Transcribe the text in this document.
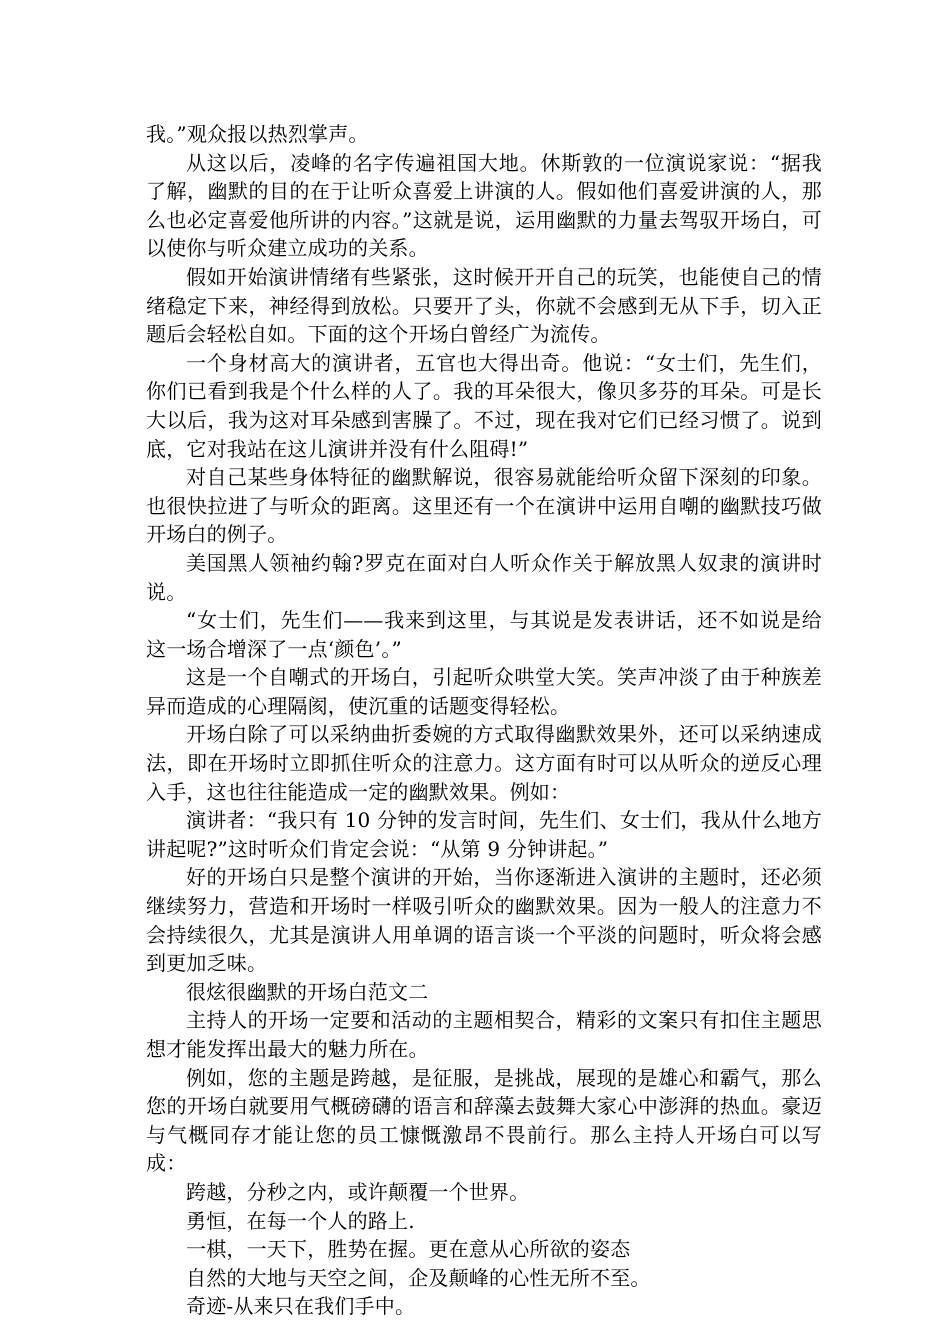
我。”观众报以热烈掌声。

从这以后，凌峰的名字传遍祖国大地。休斯敦的一位演说家说：“据我了解，幽默的目的在于让听众喜爱上讲演的人。假如他们喜爱讲演的人，那么也必定喜爱他所讲的内容。”这就是说，运用幽默的力量去驾驭开场白，可以使你与听众建立成功的关系。

假如开始演讲情绪有些紧张，这时候开开自己的玩笑，也能使自己的情绪稳定下来，神经得到放松。只要开了头，你就不会感到无从下手，切入正题后会轻松自如。下面的这个开场白曾经广为流传。

一个身材高大的演讲者，五官也大得出奇。他说：“女士们，先生们，你们已看到我是个什么样的人了。我的耳朵很大，像贝多芬的耳朵。可是长大以后，我为这对耳朵感到害臊了。不过，现在我对它们已经习惯了。说到底，它对我站在这儿演讲并没有什么阻碍!”

对自己某些身体特征的幽默解说，很容易就能给听众留下深刻的印象。也很快拉进了与听众的距离。这里还有一个在演讲中运用自嘲的幽默技巧做开场白的例子。

美国黑人领袖约翰?罗克在面对白人听众作关于解放黑人奴隶的演讲时说。

“女士们，先生们——我来到这里，与其说是发表讲话，还不如说是给这一场合增深了一点‘颜色’。”

这是一个自嘲式的开场白，引起听众哄堂大笑。笑声冲淡了由于种族差异而造成的心理隔阂，使沉重的话题变得轻松。

开场白除了可以采纳曲折委婉的方式取得幽默效果外，还可以采纳速成法，即在开场时立即抓住听众的注意力。这方面有时可以从听众的逆反心理入手，这也往往能造成一定的幽默效果。例如：

演讲者：“我只有 10 分钟的发言时间，先生们、女士们，我从什么地方讲起呢?”这时听众们肯定会说：“从第 9 分钟讲起。”

好的开场白只是整个演讲的开始，当你逐渐进入演讲的主题时，还必须继续努力，营造和开场时一样吸引听众的幽默效果。因为一般人的注意力不会持续很久，尤其是演讲人用单调的语言谈一个平淡的问题时，听众将会感到更加乏味。

很炫很幽默的开场白范文二

主持人的开场一定要和活动的主题相契合，精彩的文案只有扣住主题思想才能发挥出最大的魅力所在。

例如，您的主题是跨越，是征服，是挑战，展现的是雄心和霸气，那么您的开场白就要用气概磅礴的语言和辞藻去鼓舞大家心中澎湃的热血。豪迈与气概同存才能让您的员工慷慨激昂不畏前行。那么主持人开场白可以写成：

跨越，分秒之内，或许颠覆一个世界。

勇恒，在每一个人的路上.

一棋，一天下，胜势在握。更在意从心所欲的姿态

自然的大地与天空之间，企及颠峰的心性无所不至。

奇迹-从来只在我们手中。
